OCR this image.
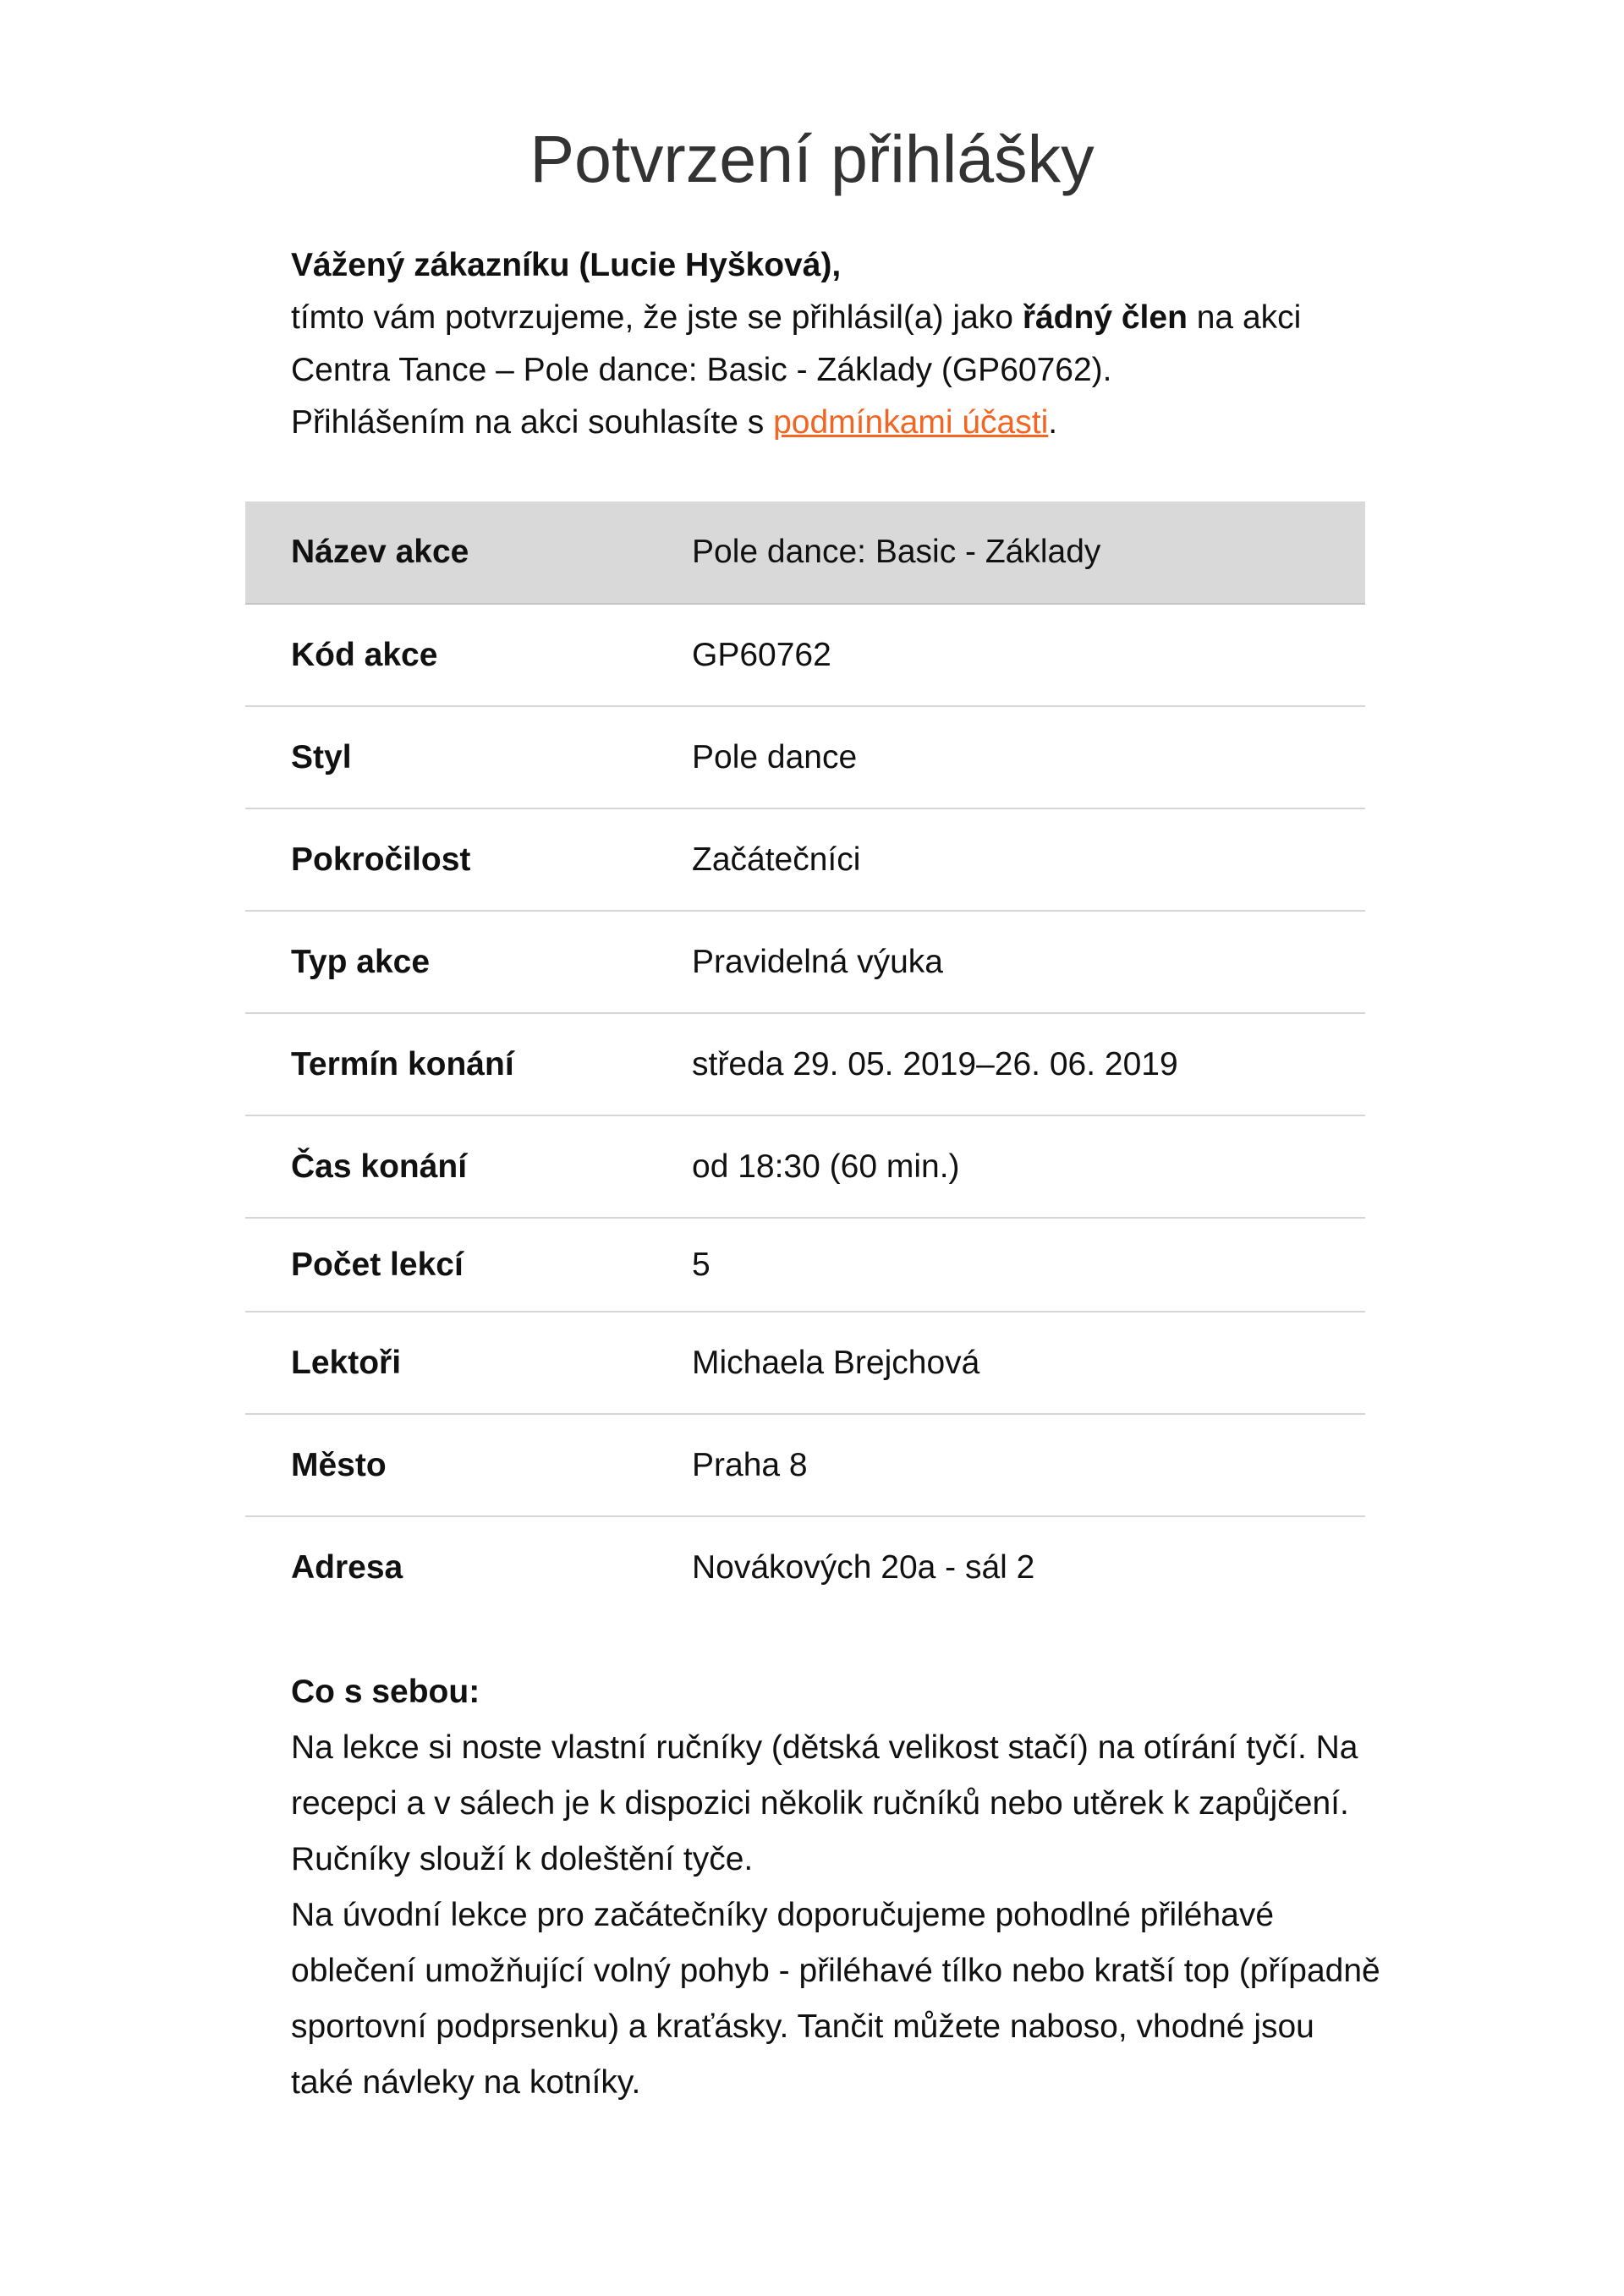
Potvrzení přihlášky

Vážený zákazníku (Lucie Hyšková),

tímto vám potvrzujeme, že jste se přihlásil(a) jako řádný člen na akci Centra Tance – Pole dance: Basic - Základy (GP60762).

Přihlášením na akci souhlasíte s podmínkami účasti.

Název akce	Pole dance: Basic - Základy
Kód akce	GP60762
Styl	Pole dance
Pokročilost	Začátečníci
Typ akce	Pravidelná výuka
Termín konání	středa 29. 05. 2019–26. 06. 2019
Čas konání	od 18:30 (60 min.)
Počet lekcí	5
Lektoři	Michaela Brejchová
Město	Praha 8
Adresa	Novákových 20a - sál 2

Co s sebou:

Na lekce si noste vlastní ručníky (dětská velikost stačí) na otírání tyčí. Na recepci a v sálech je k dispozici několik ručníků nebo utěrek k zapůjčení. Ručníky slouží k doleštění tyče.

Na úvodní lekce pro začátečníky doporučujeme pohodlné přiléhavé oblečení umožňující volný pohyb - přiléhavé tílko nebo kratší top (případně sportovní podprsenku) a kraťásky. Tančit můžete naboso, vhodné jsou také návleky na kotníky.
